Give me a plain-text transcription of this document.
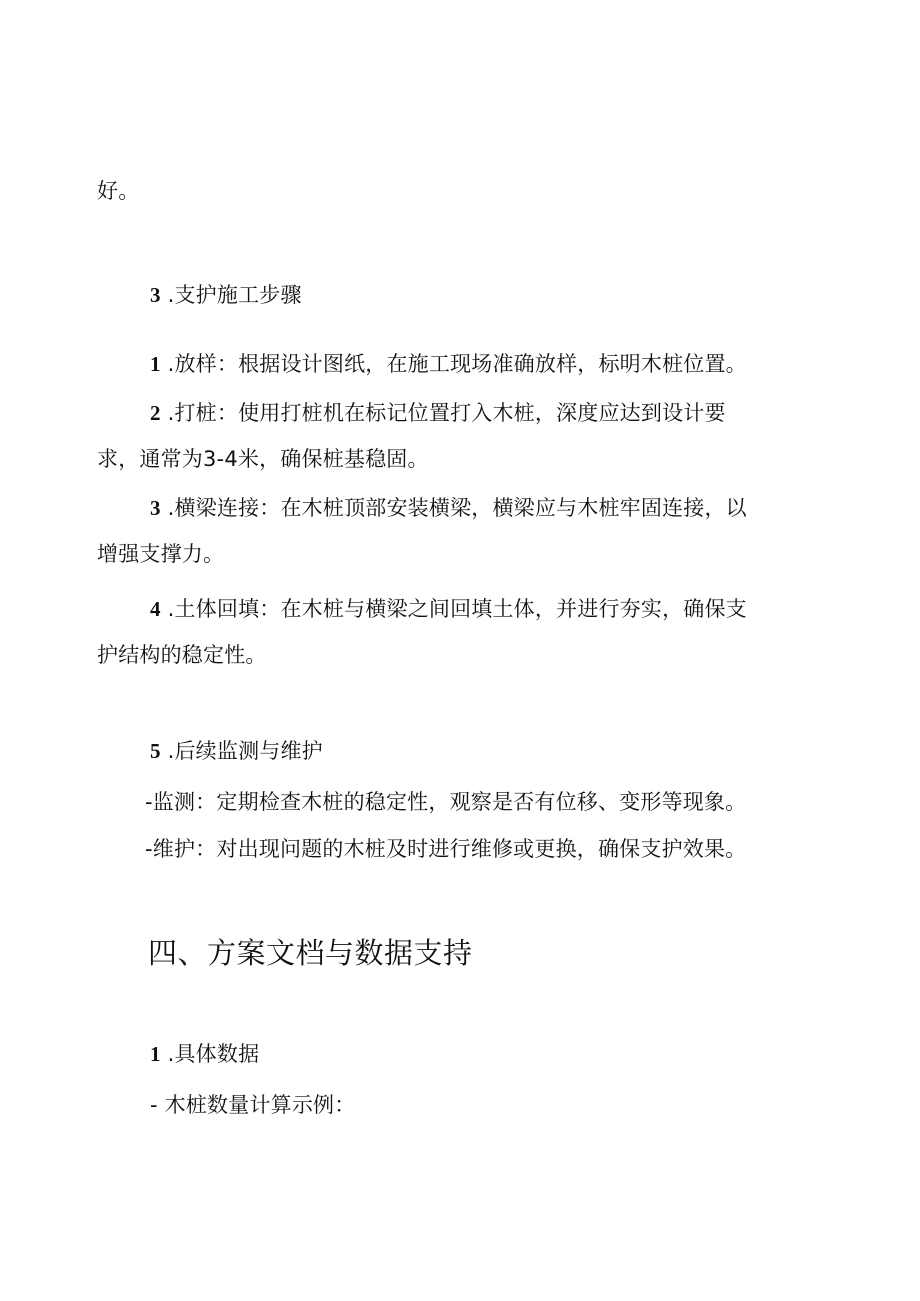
好。
3 .支护施工步骤
1 .放样：根据设计图纸，在施工现场准确放样，标明木桩位置。
2 .打桩：使用打桩机在标记位置打入木桩，深度应达到设计要
求，通常为3-4米，确保桩基稳固。
3 .横梁连接：在木桩顶部安装横梁，横梁应与木桩牢固连接，以
增强支撑力。
4 .土体回填：在木桩与横梁之间回填土体，并进行夯实，确保支
护结构的稳定性。
5 .后续监测与维护
-监测：定期检查木桩的稳定性，观察是否有位移、变形等现象。
-维护：对出现问题的木桩及时进行维修或更换，确保支护效果。
四、方案文档与数据支持
1 .具体数据
- 木桩数量计算示例：
